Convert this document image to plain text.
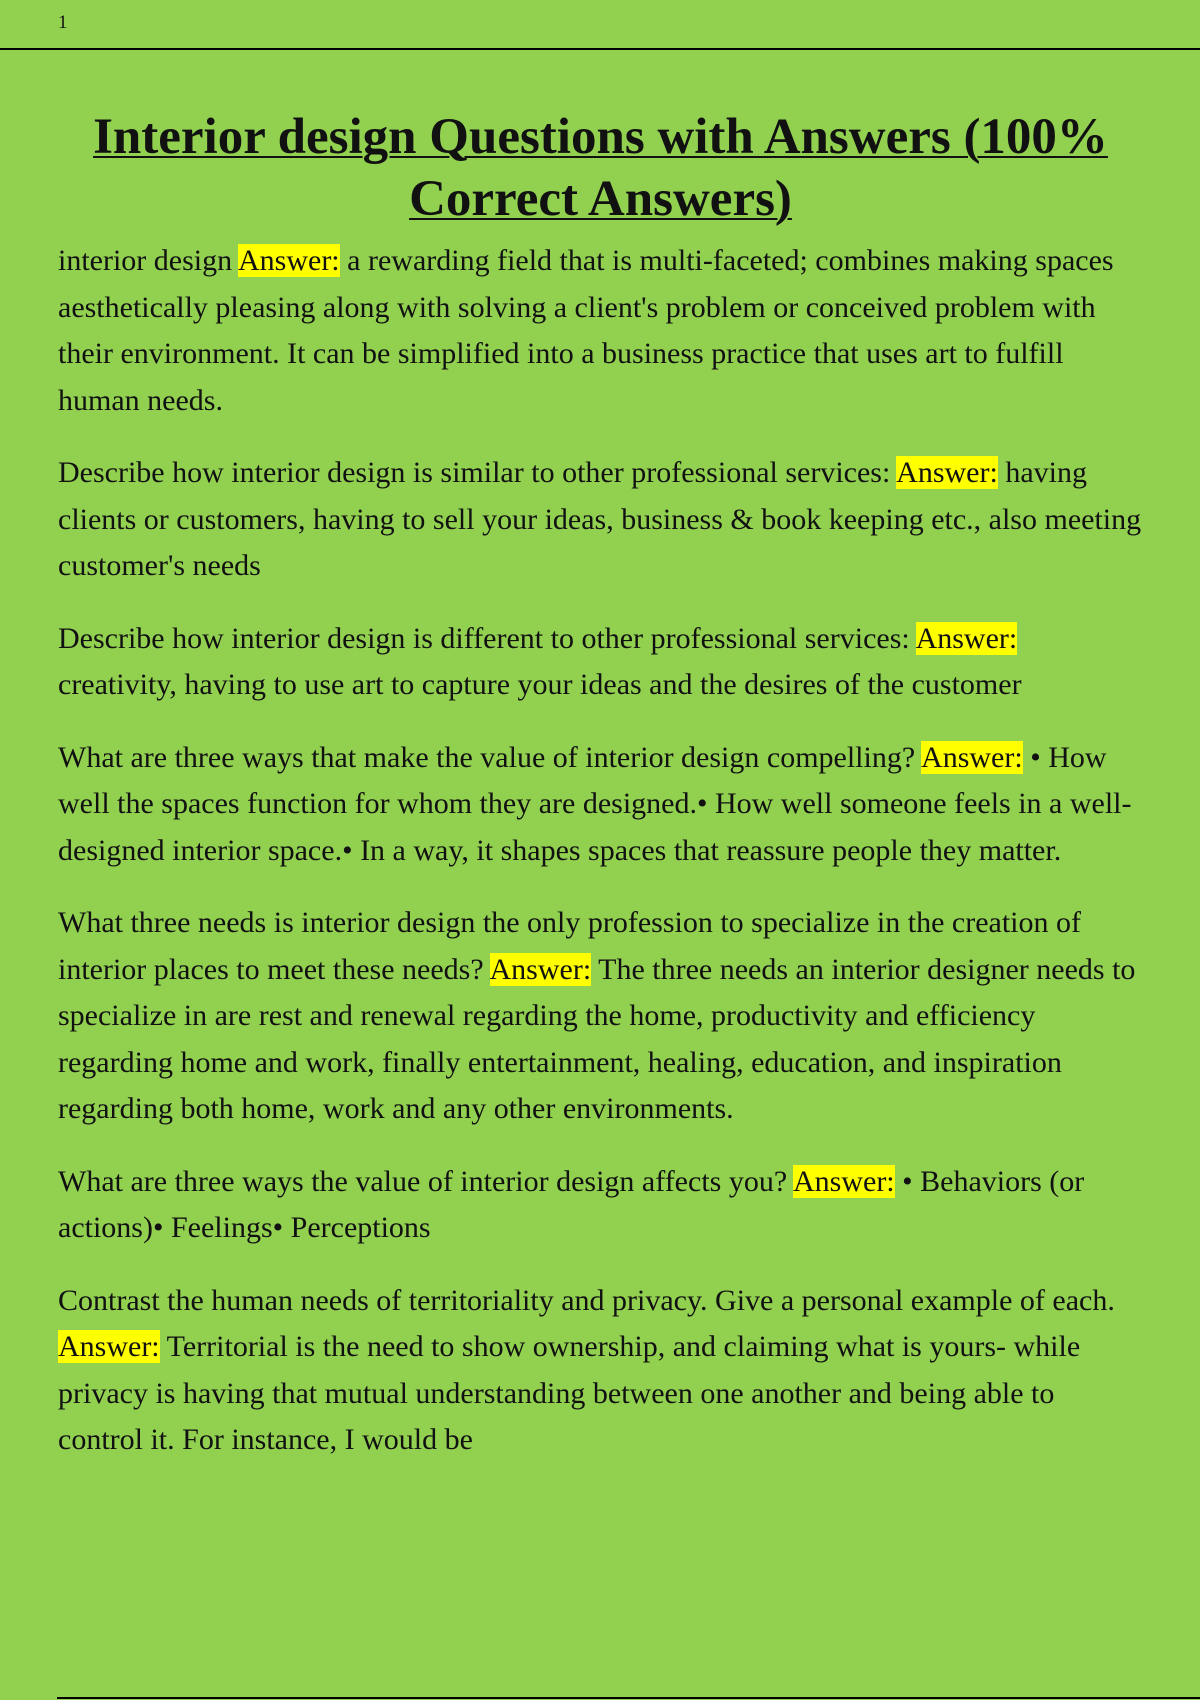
1
Interior design Questions with Answers (100% Correct Answers)

interior design Answer: a rewarding field that is multi-faceted; combines making spaces aesthetically pleasing along with solving a client's problem or conceived problem with their environment. It can be simplified into a business practice that uses art to fulfill human needs.

Describe how interior design is similar to other professional services: Answer: having clients or customers, having to sell your ideas, business & book keeping etc., also meeting customer's needs

Describe how interior design is different to other professional services: Answer: creativity, having to use art to capture your ideas and the desires of the customer

What are three ways that make the value of interior design compelling? Answer: • How well the spaces function for whom they are designed.• How well someone feels in a well-designed interior space.• In a way, it shapes spaces that reassure people they matter.

What three needs is interior design the only profession to specialize in the creation of interior places to meet these needs? Answer: The three needs an interior designer needs to specialize in are rest and renewal regarding the home, productivity and efficiency regarding home and work, finally entertainment, healing, education, and inspiration regarding both home, work and any other environments.

What are three ways the value of interior design affects you? Answer: • Behaviors (or actions)• Feelings• Perceptions

Contrast the human needs of territoriality and privacy. Give a personal example of each. Answer: Territorial is the need to show ownership, and claiming what is yours- while privacy is having that mutual understanding between one another and being able to control it. For instance, I would be
